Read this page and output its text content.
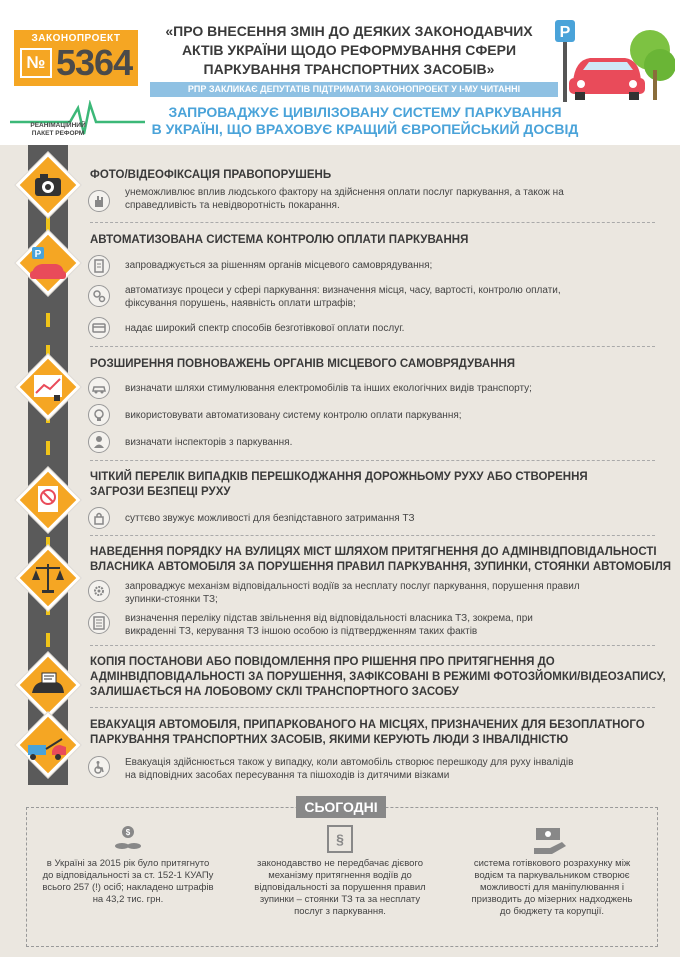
ЗАКОНОПРОЕКТ
№ 5364
«ПРО ВНЕСЕННЯ ЗМІН ДО ДЕЯКИХ ЗАКОНОДАВЧИХ
АКТІВ УКРАЇНИ ЩОДО РЕФОРМУВАННЯ СФЕРИ
ПАРКУВАННЯ ТРАНСПОРТНИХ ЗАСОБІВ»
РПР ЗАКЛИКАЄ ДЕПУТАТІВ ПІДТРИМАТИ ЗАКОНОПРОЕКТ У І-МУ ЧИТАННІ
ЗАПРОВАДЖУЄ ЦИВІЛІЗОВАНУ СИСТЕМУ ПАРКУВАННЯ
В УКРАЇНІ, ЩО ВРАХОВУЄ КРАЩИЙ ЄВРОПЕЙСЬКИЙ ДОСВІД
РЕАНІМАЦІЙНИЙ
ПАКЕТ РЕФОРМ
P
ФОТО/ВІДЕОФІКСАЦІЯ ПРАВОПОРУШЕНЬ
унеможливлює вплив людського фактору на здійснення оплати послуг паркування, а також на
справедливість та невідворотність покарання.
P
АВТОМАТИЗОВАНА СИСТЕМА КОНТРОЛЮ ОПЛАТИ ПАРКУВАННЯ
запроваджується за рішенням органів місцевого самоврядування;
автоматизує процеси у сфері паркування: визначення місця, часу, вартості, контролю оплати,
фіксування порушень, наявність оплати штрафів;
надає широкий спектр способів безготівкової оплати послуг.
РОЗШИРЕННЯ ПОВНОВАЖЕНЬ ОРГАНІВ МІСЦЕВОГО САМОВРЯДУВАННЯ
визначати шляхи стимулювання електромобілів та інших екологічних видів транспорту;
використовувати автоматизовану систему контролю оплати паркування;
визначати інспекторів з паркування.
ЧІТКИЙ ПЕРЕЛІК ВИПАДКІВ ПЕРЕШКОДЖАННЯ ДОРОЖНЬОМУ РУХУ АБО СТВОРЕННЯ
ЗАГРОЗИ БЕЗПЕЦІ РУХУ
суттєво звужує можливості для безпідставного затримання ТЗ
НАВЕДЕННЯ ПОРЯДКУ НА ВУЛИЦЯХ МІСТ ШЛЯХОМ ПРИТЯГНЕННЯ ДО АДМІНВІДПОВІДАЛЬНОСТІ
ВЛАСНИКА АВТОМОБІЛЯ ЗА ПОРУШЕННЯ ПРАВИЛ ПАРКУВАННЯ, ЗУПИНКИ, СТОЯНКИ АВТОМОБІЛЯ
запроваджує механізм відповідальності водіїв за несплату послуг паркування, порушення правил
зупинки-стоянки ТЗ;
визначення переліку підстав звільнення від відповідальності власника ТЗ, зокрема, при
викраденні ТЗ, керування ТЗ іншою особою із підтвердженням таких фактів
КОПІЯ ПОСТАНОВИ АБО ПОВІДОМЛЕННЯ ПРО РІШЕННЯ ПРО ПРИТЯГНЕННЯ ДО
АДМІНВІДПОВІДАЛЬНОСТІ ЗА ПОРУШЕННЯ, ЗАФІКСОВАНІ В РЕЖИМІ ФОТОЗЙОМКИ/ВІДЕОЗАПИСУ,
ЗАЛИШАЄТЬСЯ НА ЛОБОВОМУ СКЛІ ТРАНСПОРТНОГО ЗАСОБУ
ЕВАКУАЦІЯ АВТОМОБІЛЯ, ПРИПАРКОВАНОГО НА МІСЦЯХ, ПРИЗНАЧЕНИХ ДЛЯ БЕЗОПЛАТНОГО
ПАРКУВАННЯ ТРАНСПОРТНИХ ЗАСОБІВ, ЯКИМИ КЕРУЮТЬ ЛЮДИ З ІНВАЛІДНІСТЮ
Евакуація здійснюється також у випадку, коли автомобіль створює перешкоду для руху інвалідів
на відповідних засобах пересування та пішоходів із дитячими візками
СЬОГОДНІ
$
в Україні за 2015 рік було притягнуто
до відповідальності за ст. 152-1 КУАПу
всього 257 (!) осіб; накладено штрафів
на 43,2 тис. грн.
§
законодавство не передбачає дієвого
механізму притягнення водіїв до
відповідальності за порушення правил
зупинки – стоянки ТЗ та за несплату
послуг з паркування.
система готівкового розрахунку між
водієм та паркувальником створює
можливості для маніпулювання і
призводить до мізерних надходжень
до бюджету та корупції.
